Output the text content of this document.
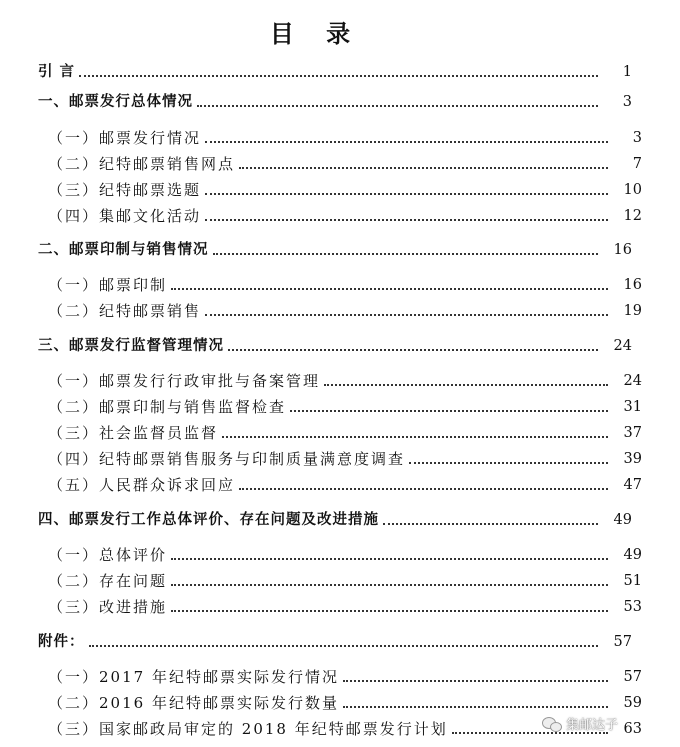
目 录
引 言	1
一、邮票发行总体情况	3
（一）邮票发行情况	3
（二）纪特邮票销售网点	7
（三）纪特邮票选题	10
（四）集邮文化活动	12
二、邮票印制与销售情况	16
（一）邮票印制	16
（二）纪特邮票销售	19
三、邮票发行监督管理情况	24
（一）邮票发行行政审批与备案管理	24
（二）邮票印制与销售监督检查	31
（三）社会监督员监督	37
（四）纪特邮票销售服务与印制质量满意度调查	39
（五）人民群众诉求回应	47
四、邮票发行工作总体评价、存在问题及改进措施	49
（一）总体评价	49
（二）存在问题	51
（三）改进措施	53
附件：	57
（一）2017 年纪特邮票实际发行情况	57
（二）2016 年纪特邮票实际发行数量	59
（三）国家邮政局审定的 2018 年纪特邮票发行计划	63
集邮达子
